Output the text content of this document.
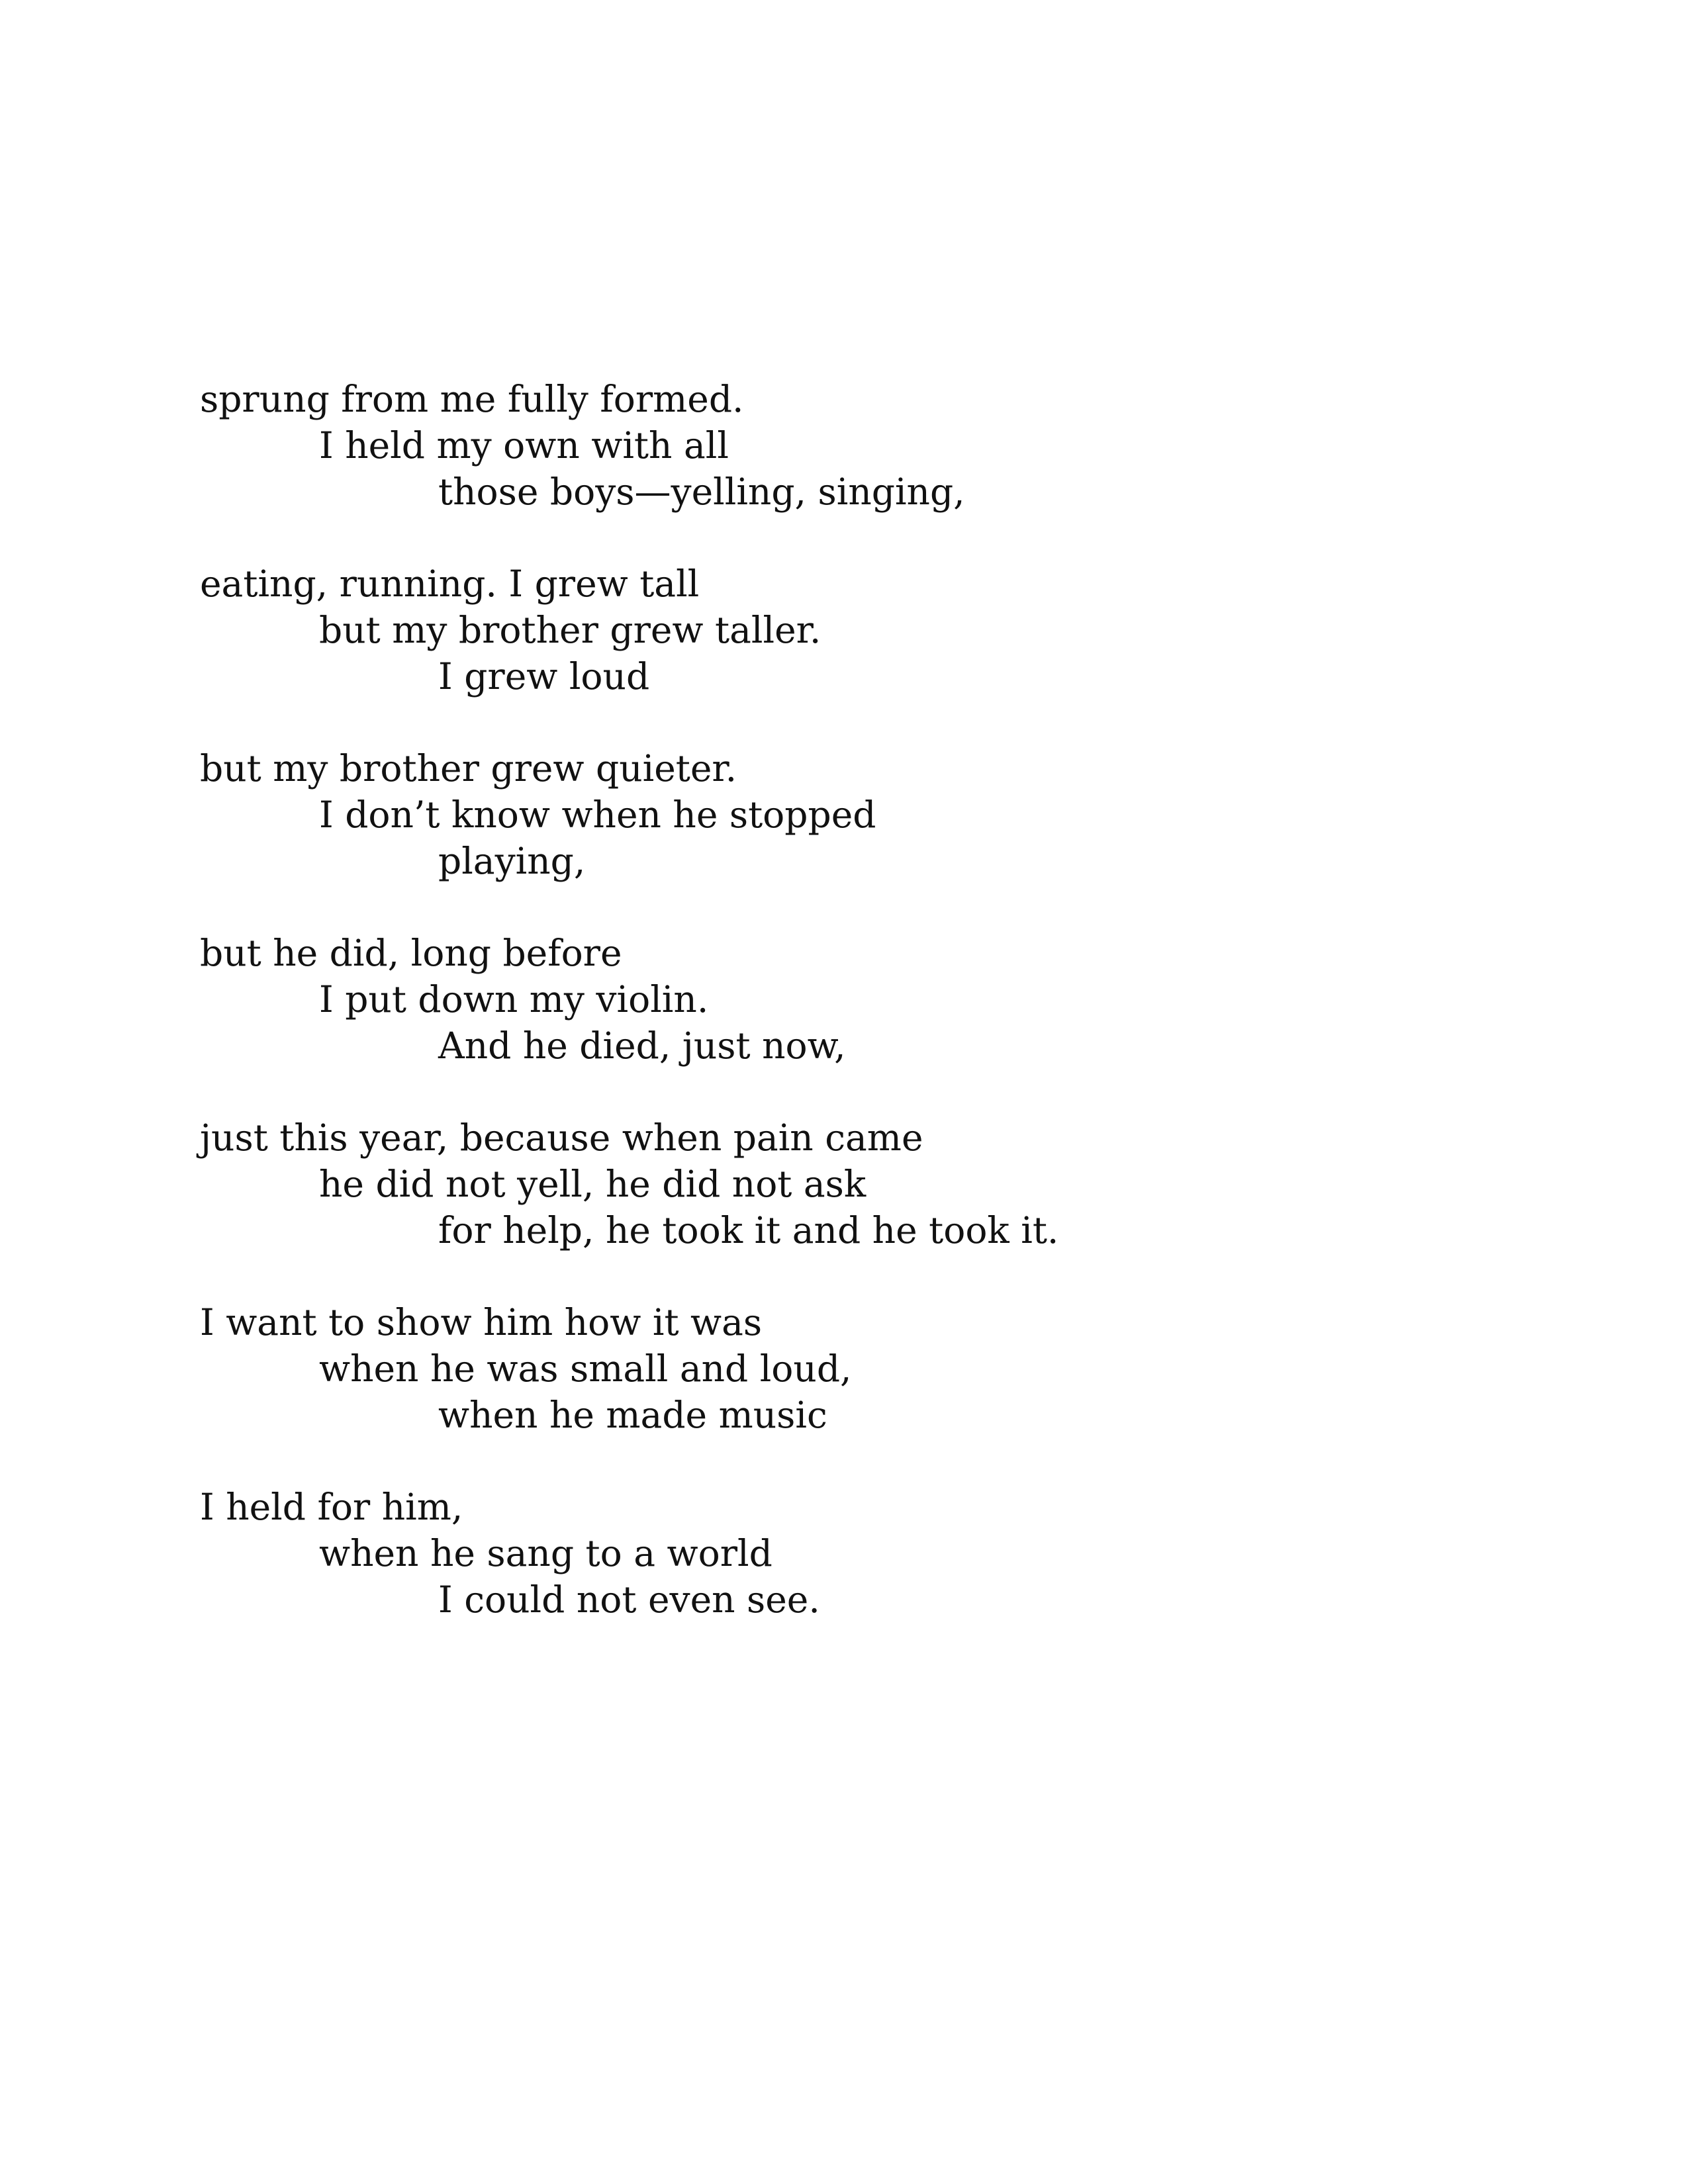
sprung from me fully formed.
I held my own with all
those boys—yelling, singing,
eating, running. I grew tall
but my brother grew taller.
I grew loud
but my brother grew quieter.
I don’t know when he stopped
playing,
but he did, long before
I put down my violin.
And he died, just now,
just this year, because when pain came
he did not yell, he did not ask
for help, he took it and he took it.
I want to show him how it was
when he was small and loud,
when he made music
I held for him,
when he sang to a world
I could not even see.
